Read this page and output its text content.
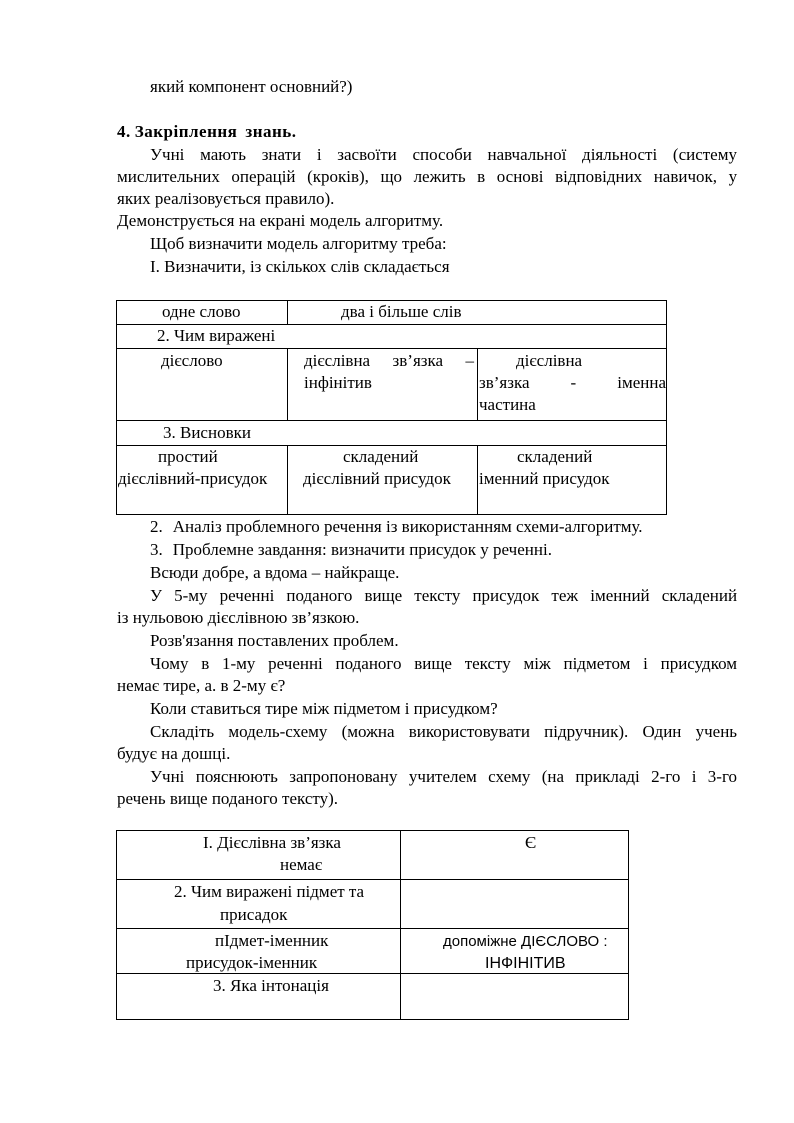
який компонент основний?)
4. Закріплення знань.
Учні мають знати і засвоїти способи навчальної діяльності (систему
мислительних операцій (кроків), що лежить в основі відповідних навичок, у
яких реалізовується правило).
Демонструється на екрані модель алгоритму.
Щоб визначити модель алгоритму треба:
І. Визначити, із скількох слів складається
одне слово	два і більше слів
2. Чим виражені
дієслово	дієслівна зв’язка –
інфінітив
дієслівна
зв’язка - іменна
частина
3. Висновки
простий
дієслівний-присудок
складений
дієслівний присудок
складений
іменний присудок
2. Аналіз проблемного речення із використанням схеми-алгоритму.
3. Проблемне завдання: визначити присудок у реченні.
Всюди добре, а вдома – найкраще.
У 5-му реченні поданого вище тексту присудок теж іменний складений
із нульовою дієслівною зв’язкою.
Розв'язання поставлених проблем.
Чому в 1-му реченні поданого вище тексту між підметом і присудком
немає тире, а. в 2-му є?
Коли ставиться тире між підметом і присудком?
Складіть модель-схему (можна використовувати підручник). Один учень
будує на дошці.
Учні пояснюють запропоновану учителем схему (на прикладі 2-го і 3-го
речень вище поданого тексту).
І. Дієслівна зв’язка
немає
Є
2. Чим виражені підмет та
присадок
пІдмет-іменник
присудок-іменник
допоміжне ДІЄСЛОВО :
ІНФІНІТИВ
3. Яка інтонація
